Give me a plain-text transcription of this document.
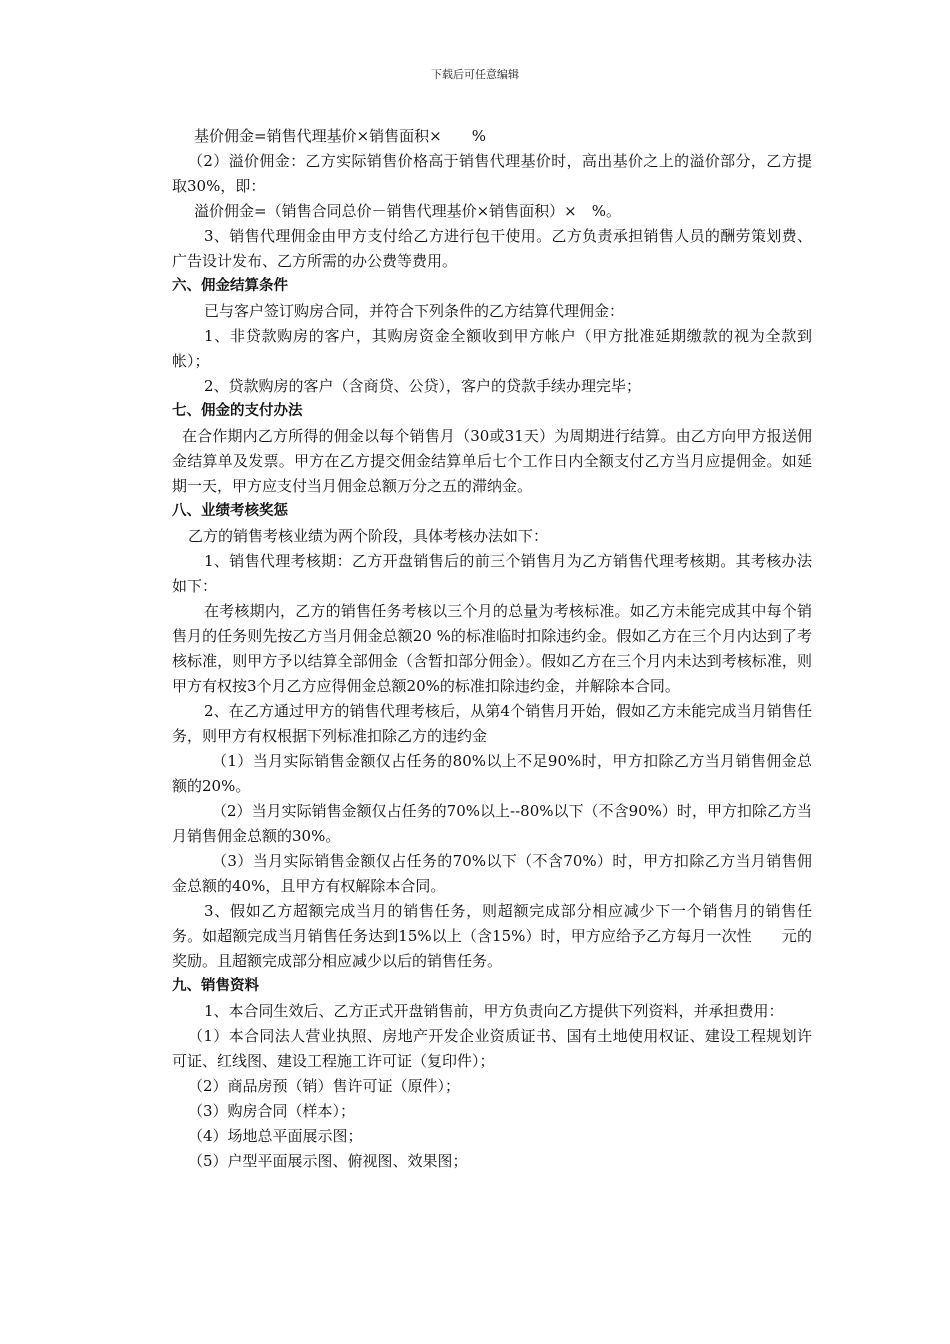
下载后可任意编辑

基价佣金=销售代理基价×销售面积×　　%

（2）溢价佣金：乙方实际销售价格高于销售代理基价时，高出基价之上的溢价部分，乙方提取30%，即：

溢价佣金=（销售合同总价－销售代理基价×销售面积）×　%。

3、销售代理佣金由甲方支付给乙方进行包干使用。乙方负责承担销售人员的酬劳策划费、广告设计发布、乙方所需的办公费等费用。

六、佣金结算条件

已与客户签订购房合同，并符合下列条件的乙方结算代理佣金：

1、非贷款购房的客户，其购房资金全额收到甲方帐户（甲方批准延期缴款的视为全款到帐）；

2、贷款购房的客户（含商贷、公贷），客户的贷款手续办理完毕；

七、佣金的支付办法

在合作期内乙方所得的佣金以每个销售月（30或31天）为周期进行结算。由乙方向甲方报送佣金结算单及发票。甲方在乙方提交佣金结算单后七个工作日内全额支付乙方当月应提佣金。如延期一天，甲方应支付当月佣金总额万分之五的滞纳金。

八、业绩考核奖惩

乙方的销售考核业绩为两个阶段，具体考核办法如下：

1、销售代理考核期：乙方开盘销售后的前三个销售月为乙方销售代理考核期。其考核办法如下：

在考核期内，乙方的销售任务考核以三个月的总量为考核标准。如乙方未能完成其中每个销售月的任务则先按乙方当月佣金总额20 %的标准临时扣除违约金。假如乙方在三个月内达到了考核标准，则甲方予以结算全部佣金（含暂扣部分佣金）。假如乙方在三个月内未达到考核标准，则甲方有权按3个月乙方应得佣金总额20%的标准扣除违约金，并解除本合同。

2、在乙方通过甲方的销售代理考核后，从第4个销售月开始，假如乙方未能完成当月销售任务，则甲方有权根据下列标准扣除乙方的违约金

（1）当月实际销售金额仅占任务的80%以上不足90%时，甲方扣除乙方当月销售佣金总额的20%。

（2）当月实际销售金额仅占任务的70%以上--80%以下（不含90%）时，甲方扣除乙方当月销售佣金总额的30%。

（3）当月实际销售金额仅占任务的70%以下（不含70%）时，甲方扣除乙方当月销售佣金总额的40%，且甲方有权解除本合同。

3、假如乙方超额完成当月的销售任务，则超额完成部分相应减少下一个销售月的销售任务。如超额完成当月销售任务达到15%以上（含15%）时，甲方应给予乙方每月一次性　　元的奖励。且超额完成部分相应减少以后的销售任务。

九、销售资料

1、本合同生效后、乙方正式开盘销售前，甲方负责向乙方提供下列资料，并承担费用：

（1）本合同法人营业执照、房地产开发企业资质证书、国有土地使用权证、建设工程规划许可证、红线图、建设工程施工许可证（复印件）；

（2）商品房预（销）售许可证（原件）；

（3）购房合同（样本）；

（4）场地总平面展示图；

（5）户型平面展示图、俯视图、效果图；
